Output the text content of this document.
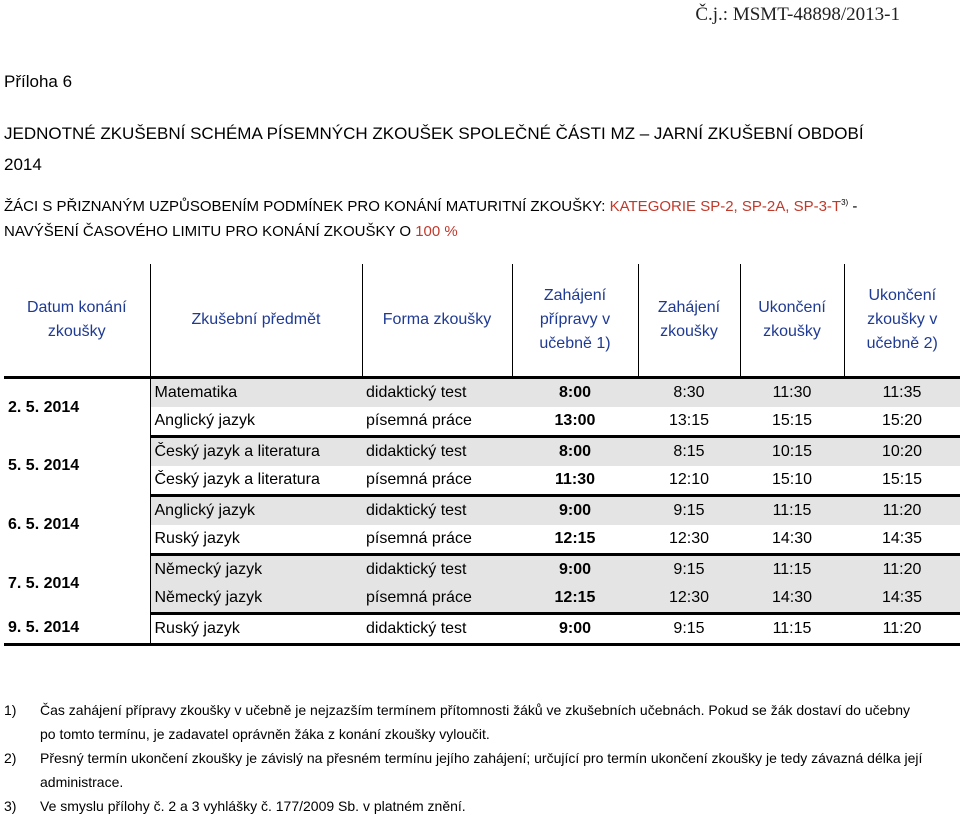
Č.j.: MSMT-48898/2013-1
Příloha 6
JEDNOTNÉ ZKUŠEBNÍ SCHÉMA PÍSEMNÝCH ZKOUŠEK SPOLEČNÉ ČÁSTI MZ – JARNÍ ZKUŠEBNÍ OBDOBÍ 2014
ŽÁCI S PŘIZNANÝM UZPŮSOBENÍM PODMÍNEK PRO KONÁNÍ MATURITNÍ ZKOUŠKY: KATEGORIE SP-2, SP-2A, $SP-3-T^{3)}$ - NAVÝŠENÍ ČASOVÉHO LIMITU PRO KONÁNÍ ZKOUŠKY O 100 %
Datum konání zkoušky	Zkušební předmět	Forma zkoušky	Zahájení přípravy v učebně 1)	Zahájení zkoušky	Ukončení zkoušky	Ukončení zkoušky v učebně 2)
2. 5. 2014	Matematika	didaktický test	8:00	8:30	11:30	11:35
	Anglický jazyk	písemná práce	13:00	13:15	15:15	15:20
5. 5. 2014	Český jazyk a literatura	didaktický test	8:00	8:15	10:15	10:20
	Český jazyk a literatura	písemná práce	11:30	12:10	15:10	15:15
6. 5. 2014	Anglický jazyk	didaktický test	9:00	9:15	11:15	11:20
	Ruský jazyk	písemná práce	12:15	12:30	14:30	14:35
7. 5. 2014	Německý jazyk	didaktický test	9:00	9:15	11:15	11:20
	Německý jazyk	písemná práce	12:15	12:30	14:30	14:35
9. 5. 2014	Ruský jazyk	didaktický test	9:00	9:15	11:15	11:20
1)	Čas zahájení přípravy zkoušky v učebně je nejzazším termínem přítomnosti žáků ve zkušebních učebnách. Pokud se žák dostaví do učebny po tomto termínu, je zadavatel oprávněn žáka z konání zkoušky vyloučit.
2)	Přesný termín ukončení zkoušky je závislý na přesném termínu jejího zahájení; určující pro termín ukončení zkoušky je tedy závazná délka její administrace.
3)	Ve smyslu přílohy č. 2 a 3 vyhlášky č. 177/2009 Sb. v platném znění.
